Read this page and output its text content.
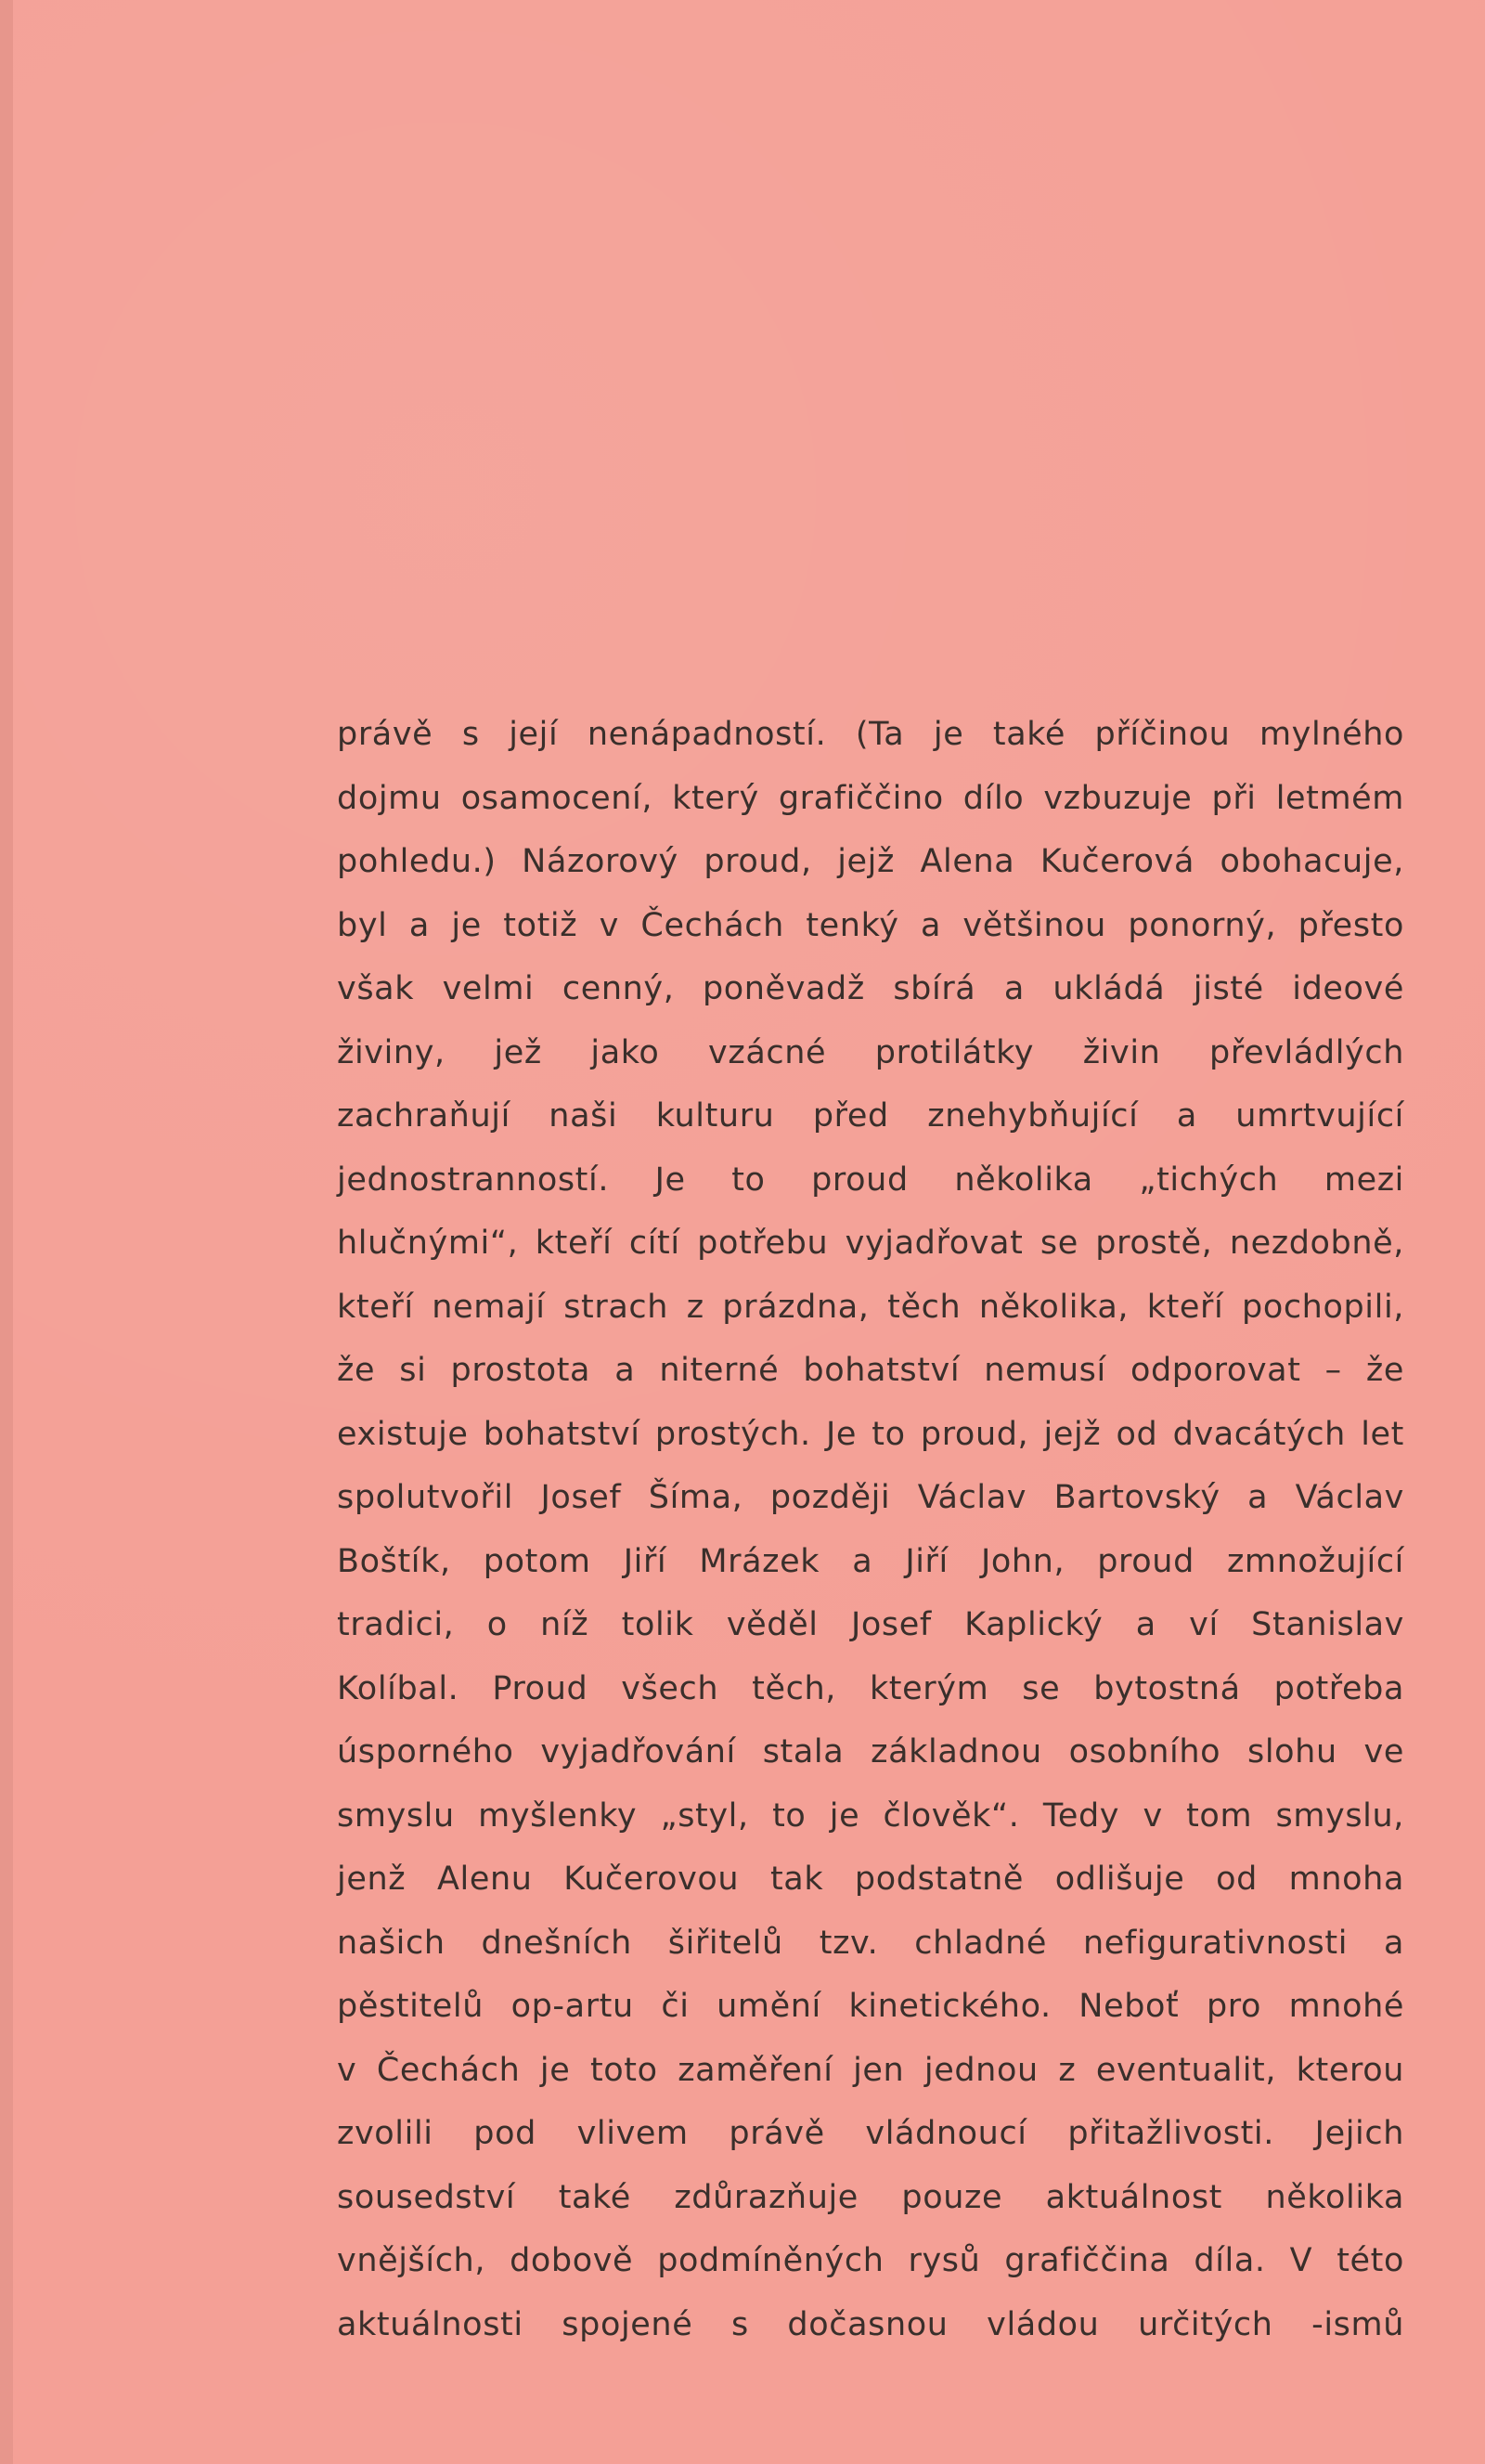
právě s její nenápadností. (Ta je také příčinou mylného
dojmu osamocení, který grafiččino dílo vzbuzuje při letmém
pohledu.) Názorový proud, jejž Alena Kučerová obohacuje,
byl a je totiž v Čechách tenký a většinou ponorný, přesto
však velmi cenný, poněvadž sbírá a ukládá jisté ideové
živiny, jež jako vzácné protilátky živin převládlých
zachraňují naši kulturu před znehybňující a umrtvující
jednostranností. Je to proud několika „tichých mezi
hlučnými“, kteří cítí potřebu vyjadřovat se prostě, nezdobně,
kteří nemají strach z prázdna, těch několika, kteří pochopili,
že si prostota a niterné bohatství nemusí odporovat – že
existuje bohatství prostých. Je to proud, jejž od dvacátých let
spolutvořil Josef Šíma, později Václav Bartovský a Václav
Boštík, potom Jiří Mrázek a Jiří John, proud zmnožující
tradici, o níž tolik věděl Josef Kaplický a ví Stanislav
Kolíbal. Proud všech těch, kterým se bytostná potřeba
úsporného vyjadřování stala základnou osobního slohu ve
smyslu myšlenky „styl, to je člověk“. Tedy v tom smyslu,
jenž Alenu Kučerovou tak podstatně odlišuje od mnoha
našich dnešních šiřitelů tzv. chladné nefigurativnosti a
pěstitelů op-artu či umění kinetického. Neboť pro mnohé
v Čechách je toto zaměření jen jednou z eventualit, kterou
zvolili pod vlivem právě vládnoucí přitažlivosti. Jejich
sousedství také zdůrazňuje pouze aktuálnost několika
vnějších, dobově podmíněných rysů grafiččina díla. V této
aktuálnosti spojené s dočasnou vládou určitých -ismů
